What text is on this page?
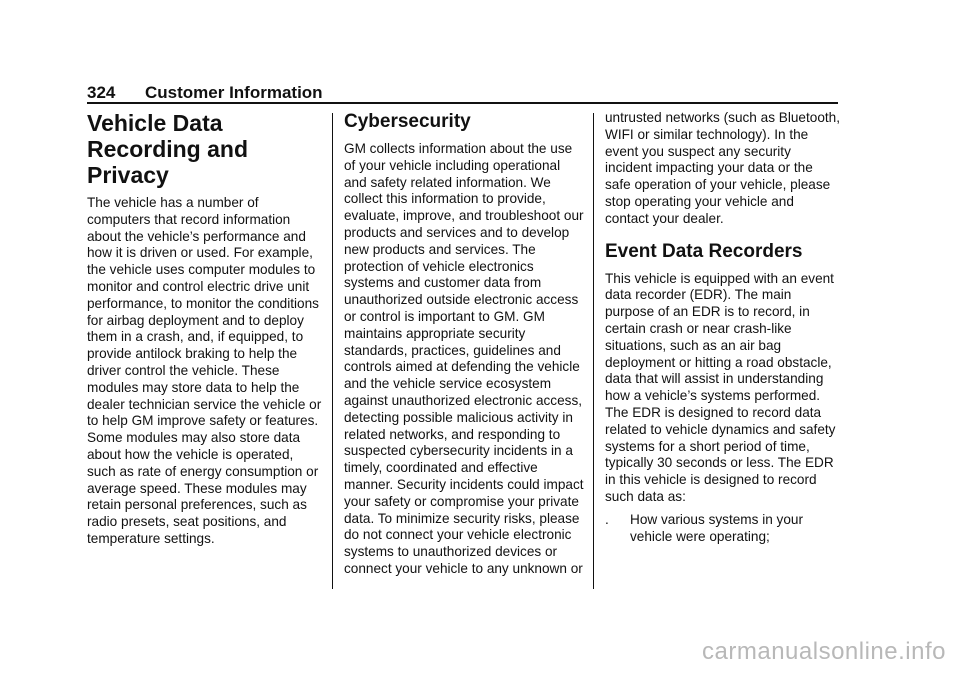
324 Customer Information
Vehicle Data Recording and Privacy

The vehicle has a number of computers that record information about the vehicle’s performance and how it is driven or used. For example, the vehicle uses computer modules to monitor and control electric drive unit performance, to monitor the conditions for airbag deployment and to deploy them in a crash, and, if equipped, to provide antilock braking to help the driver control the vehicle. These modules may store data to help the dealer technician service the vehicle or to help GM improve safety or features. Some modules may also store data about how the vehicle is operated, such as rate of energy consumption or average speed. These modules may retain personal preferences, such as radio presets, seat positions, and temperature settings.

Cybersecurity

GM collects information about the use of your vehicle including operational and safety related information. We collect this information to provide, evaluate, improve, and troubleshoot our products and services and to develop new products and services. The protection of vehicle electronics systems and customer data from unauthorized outside electronic access or control is important to GM. GM maintains appropriate security standards, practices, guidelines and controls aimed at defending the vehicle and the vehicle service ecosystem against unauthorized electronic access, detecting possible malicious activity in related networks, and responding to suspected cybersecurity incidents in a timely, coordinated and effective manner. Security incidents could impact your safety or compromise your private data. To minimize security risks, please do not connect your vehicle electronic systems to unauthorized devices or connect your vehicle to any unknown or

untrusted networks (such as Bluetooth, WIFI or similar technology). In the event you suspect any security incident impacting your data or the safe operation of your vehicle, please stop operating your vehicle and contact your dealer.

Event Data Recorders

This vehicle is equipped with an event data recorder (EDR). The main purpose of an EDR is to record, in certain crash or near crash-like situations, such as an air bag deployment or hitting a road obstacle, data that will assist in understanding how a vehicle’s systems performed. The EDR is designed to record data related to vehicle dynamics and safety systems for a short period of time, typically 30 seconds or less. The EDR in this vehicle is designed to record such data as:

.	How various systems in your vehicle were operating;
carmanualsonline.info
